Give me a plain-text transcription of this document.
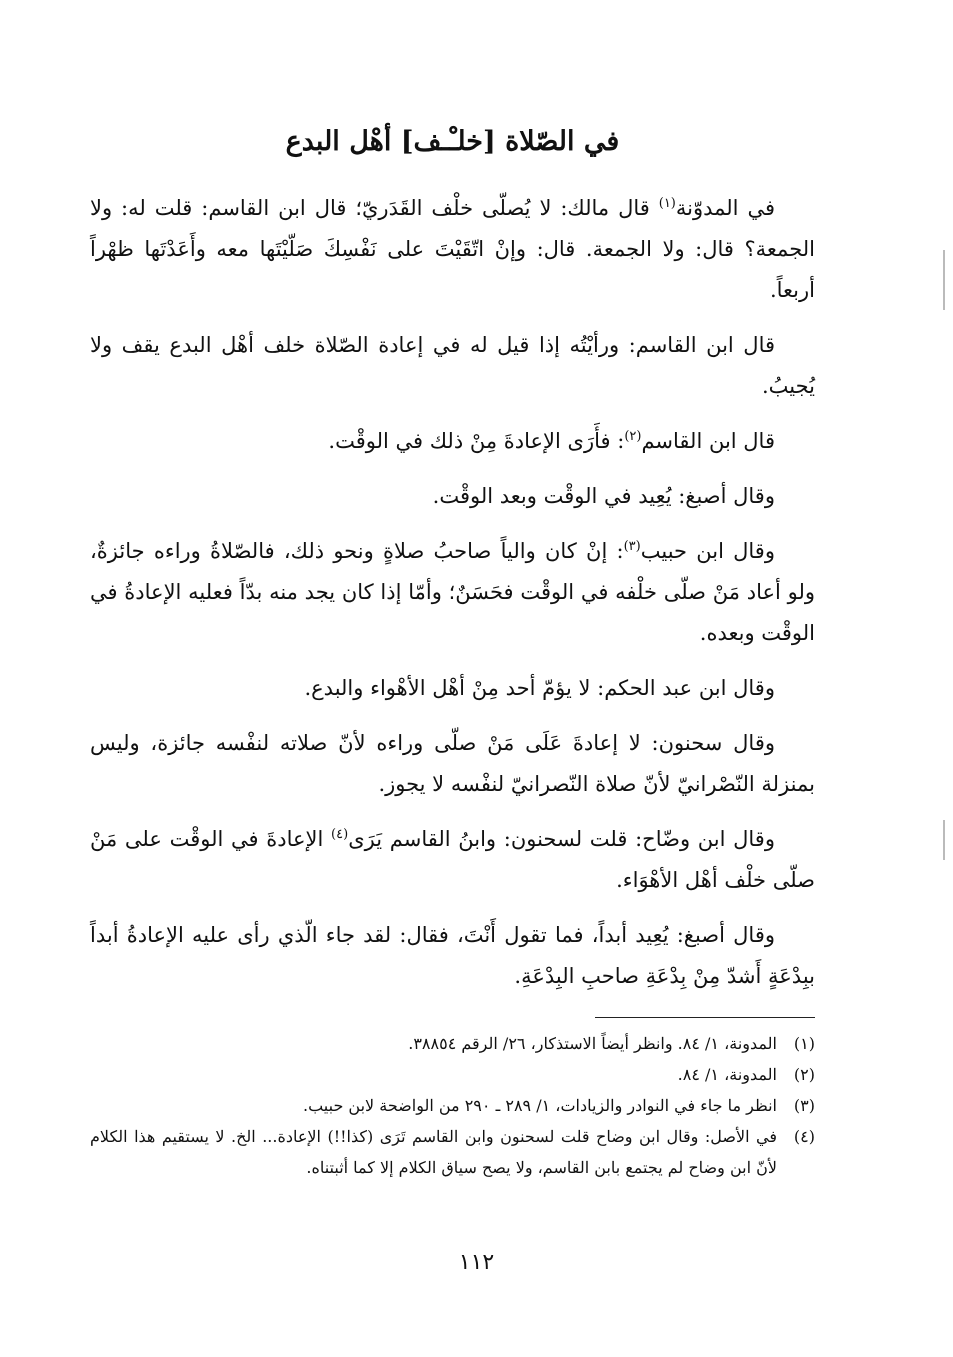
في الصّلاة [خلـْـف] أهْل البدع

في المدوّنة$^{(١)}$ قال مالك: لا يُصلّى خلْف القَدَريّ؛ قال ابن القاسم: قلت له: ولا الجمعة؟ قال: ولا الجمعة. قال: وإنْ اتّقَيْتَ على نَفْسِكَ صَلّيْتَها معه وأَعَدْتَها ظهْراً أربعاً.

قال ابن القاسم: ورأيْتُه إذا قيل له في إعادة الصّلاة خلف أهْل البدع يقف ولا يُجيبُ.

قال ابن القاسم$^{(٢)}$: فأَرَى الإعادةَ مِنْ ذلك في الوقْت.

وقال أصبغ: يُعِيد في الوقْت وبعد الوقْت.

وقال ابن حبيب$^{(٣)}$: إنْ كان والياً صاحبُ صلاةٍ ونحو ذلك، فالصّلاةُ وراءه جائزةٌ، ولو أعاد مَنْ صلّى خلْفه في الوقْت فحَسَنٌ؛ وأمّا إذا كان يجد منه بدّاً فعليه الإعادةُ في الوقْت وبعده.

وقال ابن عبد الحكم: لا يؤمّ أحد مِنْ أهْل الأهْواء والبدع.

وقال سحنون: لا إعادةَ عَلَى مَنْ صلّى وراءه لأنّ صلاته لنفْسه جائزة، وليس بمنزلة النّصْرانيّ لأنّ صلاة النّصرانيّ لنفْسه لا يجوز.

وقال ابن وضّاح: قلت لسحنون: وابنُ القاسم يَرَى$^{(٤)}$ الإعادةَ في الوقْت على مَنْ صلّى خلْف أهْل الأهْوَاء.

وقال أصبغ: يُعِيد أبداً، فما تقول أَنْتَ، فقال: لقد جاء الّذي رأى عليه الإعادةُ أبداً ببِدْعَةٍ أَشدّ مِنْ بِدْعَةِ صاحبِ البِدْعَةِ.

(١)
المدونة، ١/ ٨٤. وانظر أيضاً الاستذكار، ٢٦/ الرقم ٣٨٨٥٤.
(٢)
المدونة، ١/ ٨٤.
(٣)
انظر ما جاء في النوادر والزيادات، ١/ ٢٨٩ ـ ٢٩٠ من الواضحة لابن حبيب.
(٤)
في الأصل: وقال ابن وضاح قلت لسحنون وابن القاسم تَرَى (كذا!!) الإعادة... الخ. لا يستقيم هذا الكلام لأنّ ابن وضاح لم يجتمع بابن القاسم، ولا يصح سياق الكلام إلا كما أثبتناه.
١١٢
